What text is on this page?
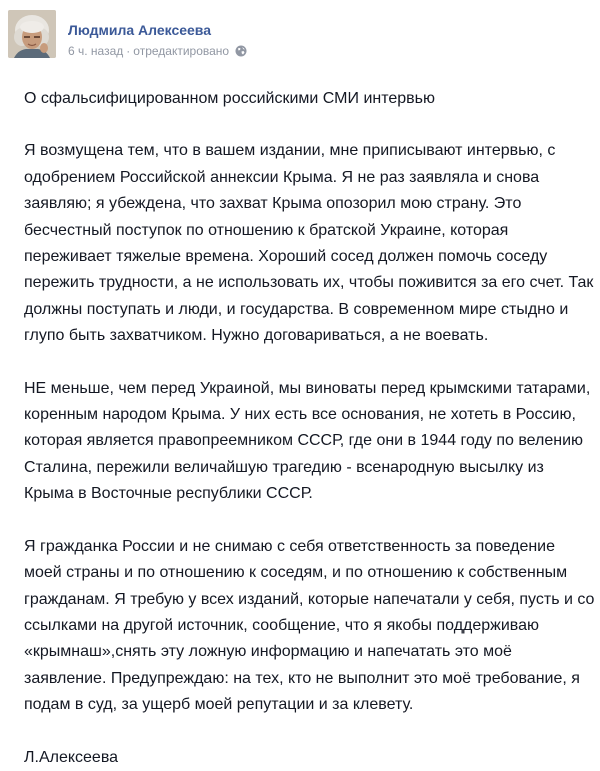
Людмила Алексеева
6 ч. назад · отредактировано

О сфальсифицированном российскими СМИ интервью

Я возмущена тем, что в вашем издании, мне приписывают интервью, с одобрением Российской аннексии Крыма. Я не раз заявляла и снова заявляю; я убеждена, что захват Крыма опозорил мою страну. Это бесчестный поступок по отношению к братской Украине, которая переживает тяжелые времена. Хороший сосед должен помочь соседу пережить трудности, а не использовать их, чтобы поживится за его счет. Так должны поступать и люди, и государства. В современном мире стыдно и глупо быть захватчиком. Нужно договариваться, а не воевать.

НЕ меньше, чем перед Украиной, мы виноваты перед крымскими татарами, коренным народом Крыма. У них есть все основания, не хотеть в Россию, которая является правопреемником СССР, где они в 1944 году по велению Сталина, пережили величайшую трагедию - всенародную высылку из Крыма в Восточные республики СССР.

Я гражданка России и не снимаю с себя ответственность за поведение моей страны и по отношению к соседям, и по отношению к собственным гражданам. Я требую у всех изданий, которые напечатали у себя, пусть и со ссылками на другой источник, сообщение, что я якобы поддерживаю «крымнаш»,снять эту ложную информацию и напечатать это моё заявление. Предупреждаю: на тех, кто не выполнит это моё требование, я подам в суд, за ущерб моей репутации и за клевету.

Л.Алексеева
